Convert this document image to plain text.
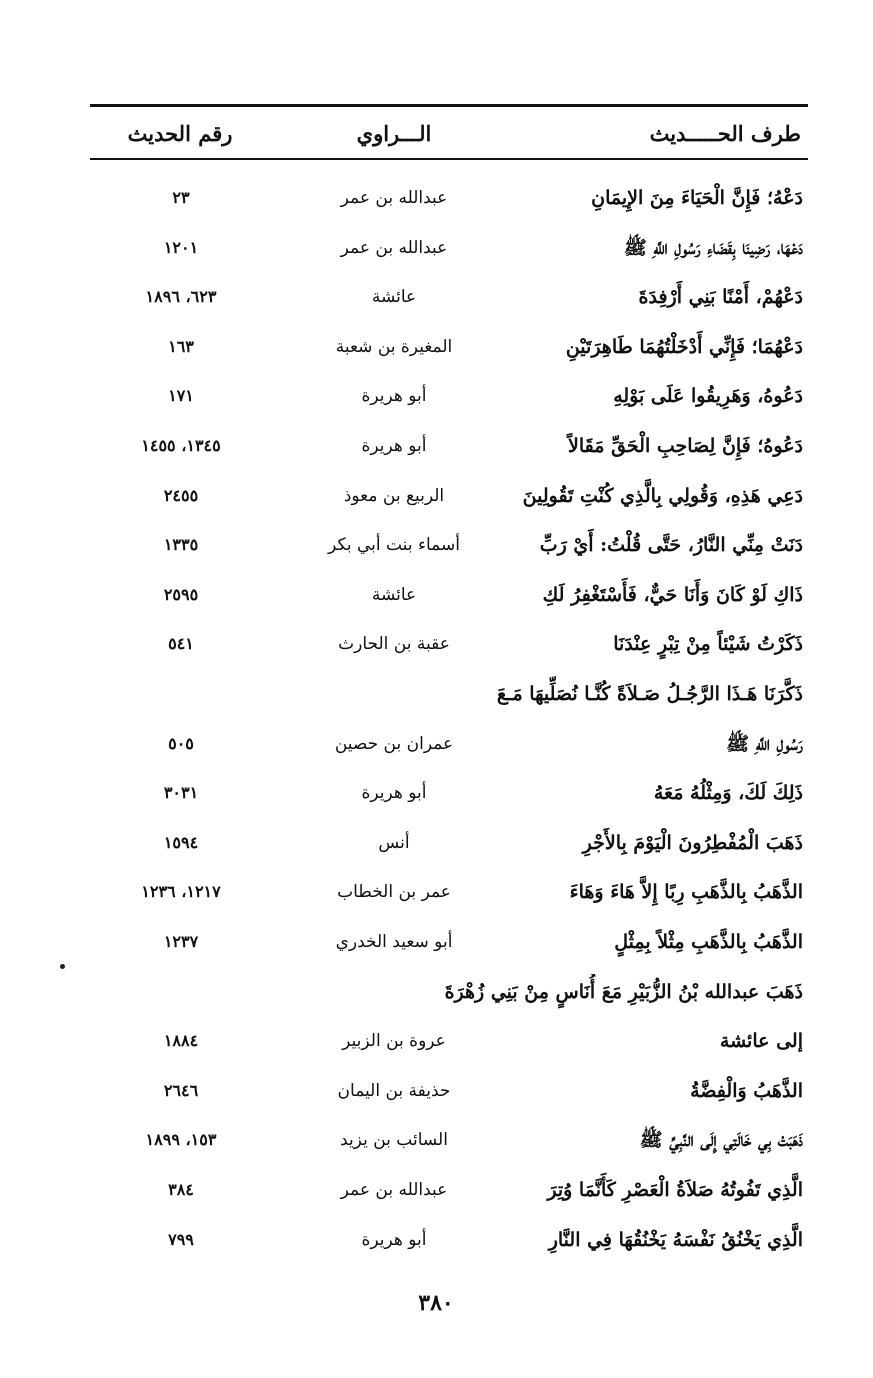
طرف الحـــــديث
الـــراوي
رقم الحديث
دَعْهُ؛ فَإِنَّ الْحَيَاءَ مِنَ الإِيمَانِ
عبدالله بن عمر
٢٣
دَعْهَا، رَضِينَا بِقَضَاءِ رَسُولِ اللَّهِ ﷺ
عبدالله بن عمر
١٢٠١
دَعْهُمْ، أَمْنًا بَنِي أَرْفِدَةَ
عائشة
٦٢٣، ١٨٩٦
دَعْهُمَا؛ فَإِنِّي أَدْخَلْتُهُمَا طَاهِرَتَيْنِ
المغيرة بن شعبة
١٦٣
دَعُوهُ، وَهَرِيقُوا عَلَى بَوْلِهِ
أبو هريرة
١٧١
دَعُوهُ؛ فَإِنَّ لِصَاحِبِ الْحَقِّ مَقَالاً
أبو هريرة
١٣٤٥، ١٤٥٥
دَعِي هَذِهِ، وَقُولِي بِالَّذِي كُنْتِ تَقُولِينَ
الربيع بن معوذ
٢٤٥٥
دَنَتْ مِنِّي النَّارُ، حَتَّى قُلْتُ: أَيْ رَبِّ
أسماء بنت أبي بكر
١٣٣٥
ذَاكِ لَوْ كَانَ وَأَنَا حَيٌّ، فَأَسْتَغْفِرُ لَكِ
عائشة
٢٥٩٥
ذَكَرْتُ شَيْئاً مِنْ تِبْرٍ عِنْدَنَا
عقبة بن الحارث
٥٤١
ذَكَّرَنَا هَـذَا الرَّجُـلُ صَـلاَةً كُنَّـا نُصَلِّيهَا مَـعَ
رَسُولِ اللَّهِ ﷺ
عمران بن حصين
٥٠٥
ذَلِكَ لَكَ، وَمِثْلُهُ مَعَهُ
أبو هريرة
٣٠٣١
ذَهَبَ الْمُفْطِرُونَ الْيَوْمَ بِالأَجْرِ
أنس
١٥٩٤
الذَّهَبُ بِالذَّهَبِ رِبًا إِلاَّ هَاءَ وَهَاءَ
عمر بن الخطاب
١٢١٧، ١٢٣٦
الذَّهَبُ بِالذَّهَبِ مِثْلاً بِمِثْلٍ
أبو سعيد الخدري
١٢٣٧
ذَهَبَ عبدالله بْنُ الزُّبَيْرِ مَعَ أُنَاسٍ مِنْ بَنِي زُهْرَةَ
إلى عائشة
عروة بن الزبير
١٨٨٤
الذَّهَبُ وَالْفِضَّةُ
حذيفة بن اليمان
٢٦٤٦
ذَهَبَتْ بِي خَالَتِي إِلَى النَّبِيِّ ﷺ
السائب بن يزيد
١٥٣، ١٨٩٩
الَّذِي تَفُوتُهُ صَلاَةُ الْعَصْرِ كَأَنَّمَا وُتِرَ
عبدالله بن عمر
٣٨٤
الَّذِي يَخْنُقُ نَفْسَهُ يَخْنُقُهَا فِي النَّارِ
أبو هريرة
٧٩٩
٣٨٠
